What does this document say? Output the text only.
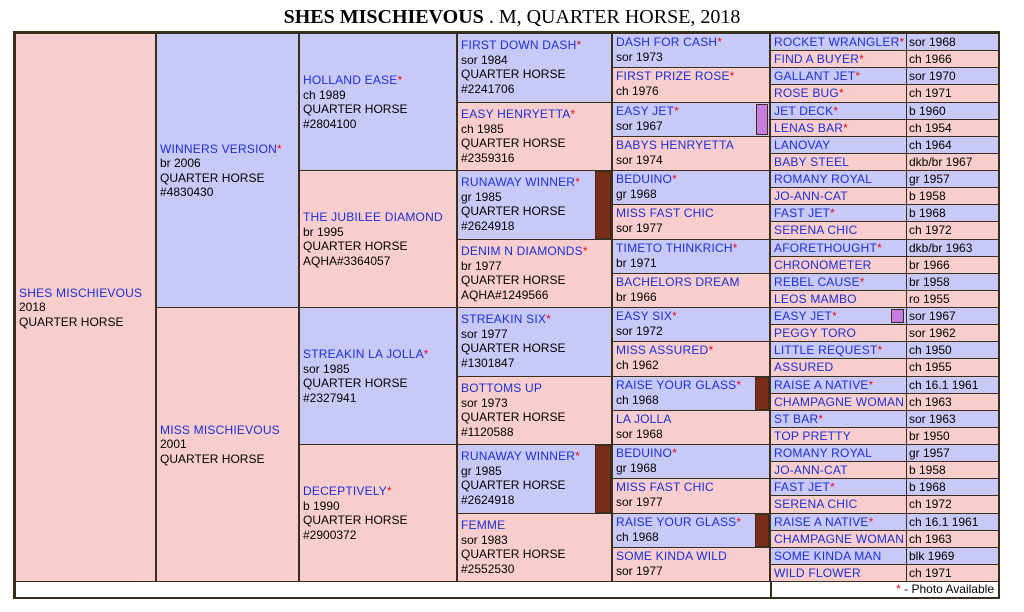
SHES MISCHIEVOUS . M, QUARTER HORSE, 2018
SHES MISCHIEVOUS
2018
QUARTER HORSE
WINNERS VERSION*
br 2006
QUARTER HORSE
#4830430
MISS MISCHIEVOUS
2001
QUARTER HORSE
HOLLAND EASE*
ch 1989
QUARTER HORSE
#2804100
THE JUBILEE DIAMOND
br 1995
QUARTER HORSE
AQHA#3364057
STREAKIN LA JOLLA*
sor 1985
QUARTER HORSE
#2327941
DECEPTIVELY*
b 1990
QUARTER HORSE
#2900372
FIRST DOWN DASH*
sor 1984
QUARTER HORSE
#2241706
EASY HENRYETTA*
ch 1985
QUARTER HORSE
#2359316
RUNAWAY WINNER*
gr 1985
QUARTER HORSE
#2624918
DENIM N DIAMONDS*
br 1977
QUARTER HORSE
AQHA#1249566
STREAKIN SIX*
sor 1977
QUARTER HORSE
#1301847
BOTTOMS UP
sor 1973
QUARTER HORSE
#1120588
RUNAWAY WINNER*
gr 1985
QUARTER HORSE
#2624918
FEMME
sor 1983
QUARTER HORSE
#2552530
DASH FOR CASH*
sor 1973
FIRST PRIZE ROSE*
ch 1976
EASY JET*
sor 1967
BABYS HENRYETTA
sor 1974
BEDUINO*
gr 1968
MISS FAST CHIC
sor 1977
TIMETO THINKRICH*
br 1971
BACHELORS DREAM
br 1966
EASY SIX*
sor 1972
MISS ASSURED*
ch 1962
RAISE YOUR GLASS*
ch 1968
LA JOLLA
sor 1968
BEDUINO*
gr 1968
MISS FAST CHIC
sor 1977
RAISE YOUR GLASS*
ch 1968
SOME KINDA WILD
sor 1977
ROCKET WRANGLER * sor 1968
FIND A BUYER *	ch 1966
GALLANT JET *	sor 1970
ROSE BUG *	ch 1971
JET DECK *	b 1960
LENAS BAR *	ch 1954
LANOVAY	ch 1964
BABY STEEL	dkb/br 1967
ROMANY ROYAL	gr 1957
JO-ANN-CAT	b 1958
FAST JET *	b 1968
SERENA CHIC	ch 1972
AFORETHOUGHT * dkb/br 1963
CHRONOMETER	br 1966
REBEL CAUSE *	br 1958
LEOS MAMBO	ro 1955
EASY JET *	sor 1967
PEGGY TORO	sor 1962
LITTLE REQUEST * ch 1950
ASSURED	ch 1955
RAISE A NATIVE *	ch 16.1 1961
CHAMPAGNE WOMAN ch 1963
ST BAR *	sor 1963
TOP PRETTY	br 1950
ROMANY ROYAL	gr 1957
JO-ANN-CAT	b 1958
FAST JET *	b 1968
SERENA CHIC	ch 1972
RAISE A NATIVE *	ch 16.1 1961
CHAMPAGNE WOMAN ch 1963
SOME KINDA MAN blk 1969
WILD FLOWER	ch 1971
* - Photo Available
